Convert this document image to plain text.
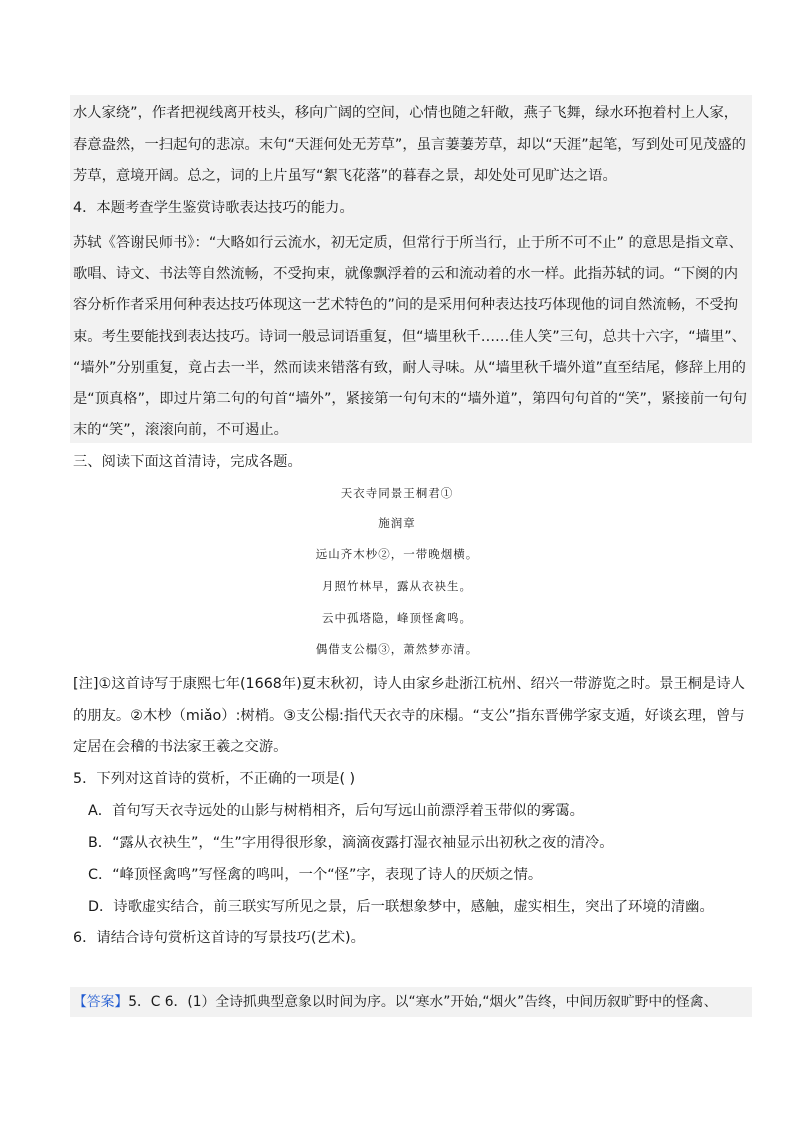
水人家绕”，作者把视线离开枝头，移向广阔的空间，心情也随之轩敞，燕子飞舞，绿水环抱着村上人家，
春意盎然，一扫起句的悲凉。末句“天涯何处无芳草”，虽言萋萋芳草，却以“天涯”起笔，写到处可见茂盛的
芳草，意境开阔。总之，词的上片虽写“絮飞花落”的暮春之景，却处处可见旷达之语。
4．本题考查学生鉴赏诗歌表达技巧的能力。
苏轼《答谢民师书》：“大略如行云流水，初无定质，但常行于所当行，止于所不可不止” 的意思是指文章、
歌唱、诗文、书法等自然流畅，不受拘束，就像飘浮着的云和流动着的水一样。此指苏轼的词。“下阕的内
容分析作者采用何种表达技巧体现这一艺术特色的”问的是采用何种表达技巧体现他的词自然流畅，不受拘
束。考生要能找到表达技巧。诗词一般忌词语重复，但“墙里秋千……佳人笑”三句，总共十六字，“墙里”、
“墙外”分别重复，竟占去一半，然而读来错落有致，耐人寻味。从“墙里秋千墙外道”直至结尾，修辞上用的
是“顶真格”，即过片第二句的句首“墙外”，紧接第一句句末的“墙外道”，第四句句首的“笑”，紧接前一句句
末的“笑”，滚滚向前，不可遏止。
三、阅读下面这首清诗，完成各题。
天衣寺同景王桐君①
施润章
远山齐木杪②，一带晚烟横。
月照竹林早，露从衣袂生。
云中孤塔隐，峰顶怪禽鸣。
偶借支公榻③，萧然梦亦清。
[注]①这首诗写于康熙七年(1668年)夏末秋初，诗人由家乡赴浙江杭州、绍兴一带游览之时。景王桐是诗人
的朋友。②木杪（miǎo）:树梢。③支公榻:指代天衣寺的床榻。“支公”指东晋佛学家支遁，好谈玄理，曾与
定居在会稽的书法家王羲之交游。
5．下列对这首诗的赏析，不正确的一项是( )
A．首句写天衣寺远处的山影与树梢相齐，后句写远山前漂浮着玉带似的雾霭。
B．“露从衣袂生”，“生”字用得很形象，滴滴夜露打湿衣袖显示出初秋之夜的清冷。
C．“峰顶怪禽鸣”写怪禽的鸣叫，一个“怪”字，表现了诗人的厌烦之情。
D．诗歌虚实结合，前三联实写所见之景，后一联想象梦中，感触，虚实相生，突出了环境的清幽。
6．请结合诗句赏析这首诗的写景技巧(艺术)。
【答案】5．C 6．(1）全诗抓典型意象以时间为序。以“寒水”开始,“烟火”告终，中间历叙旷野中的怪禽、
